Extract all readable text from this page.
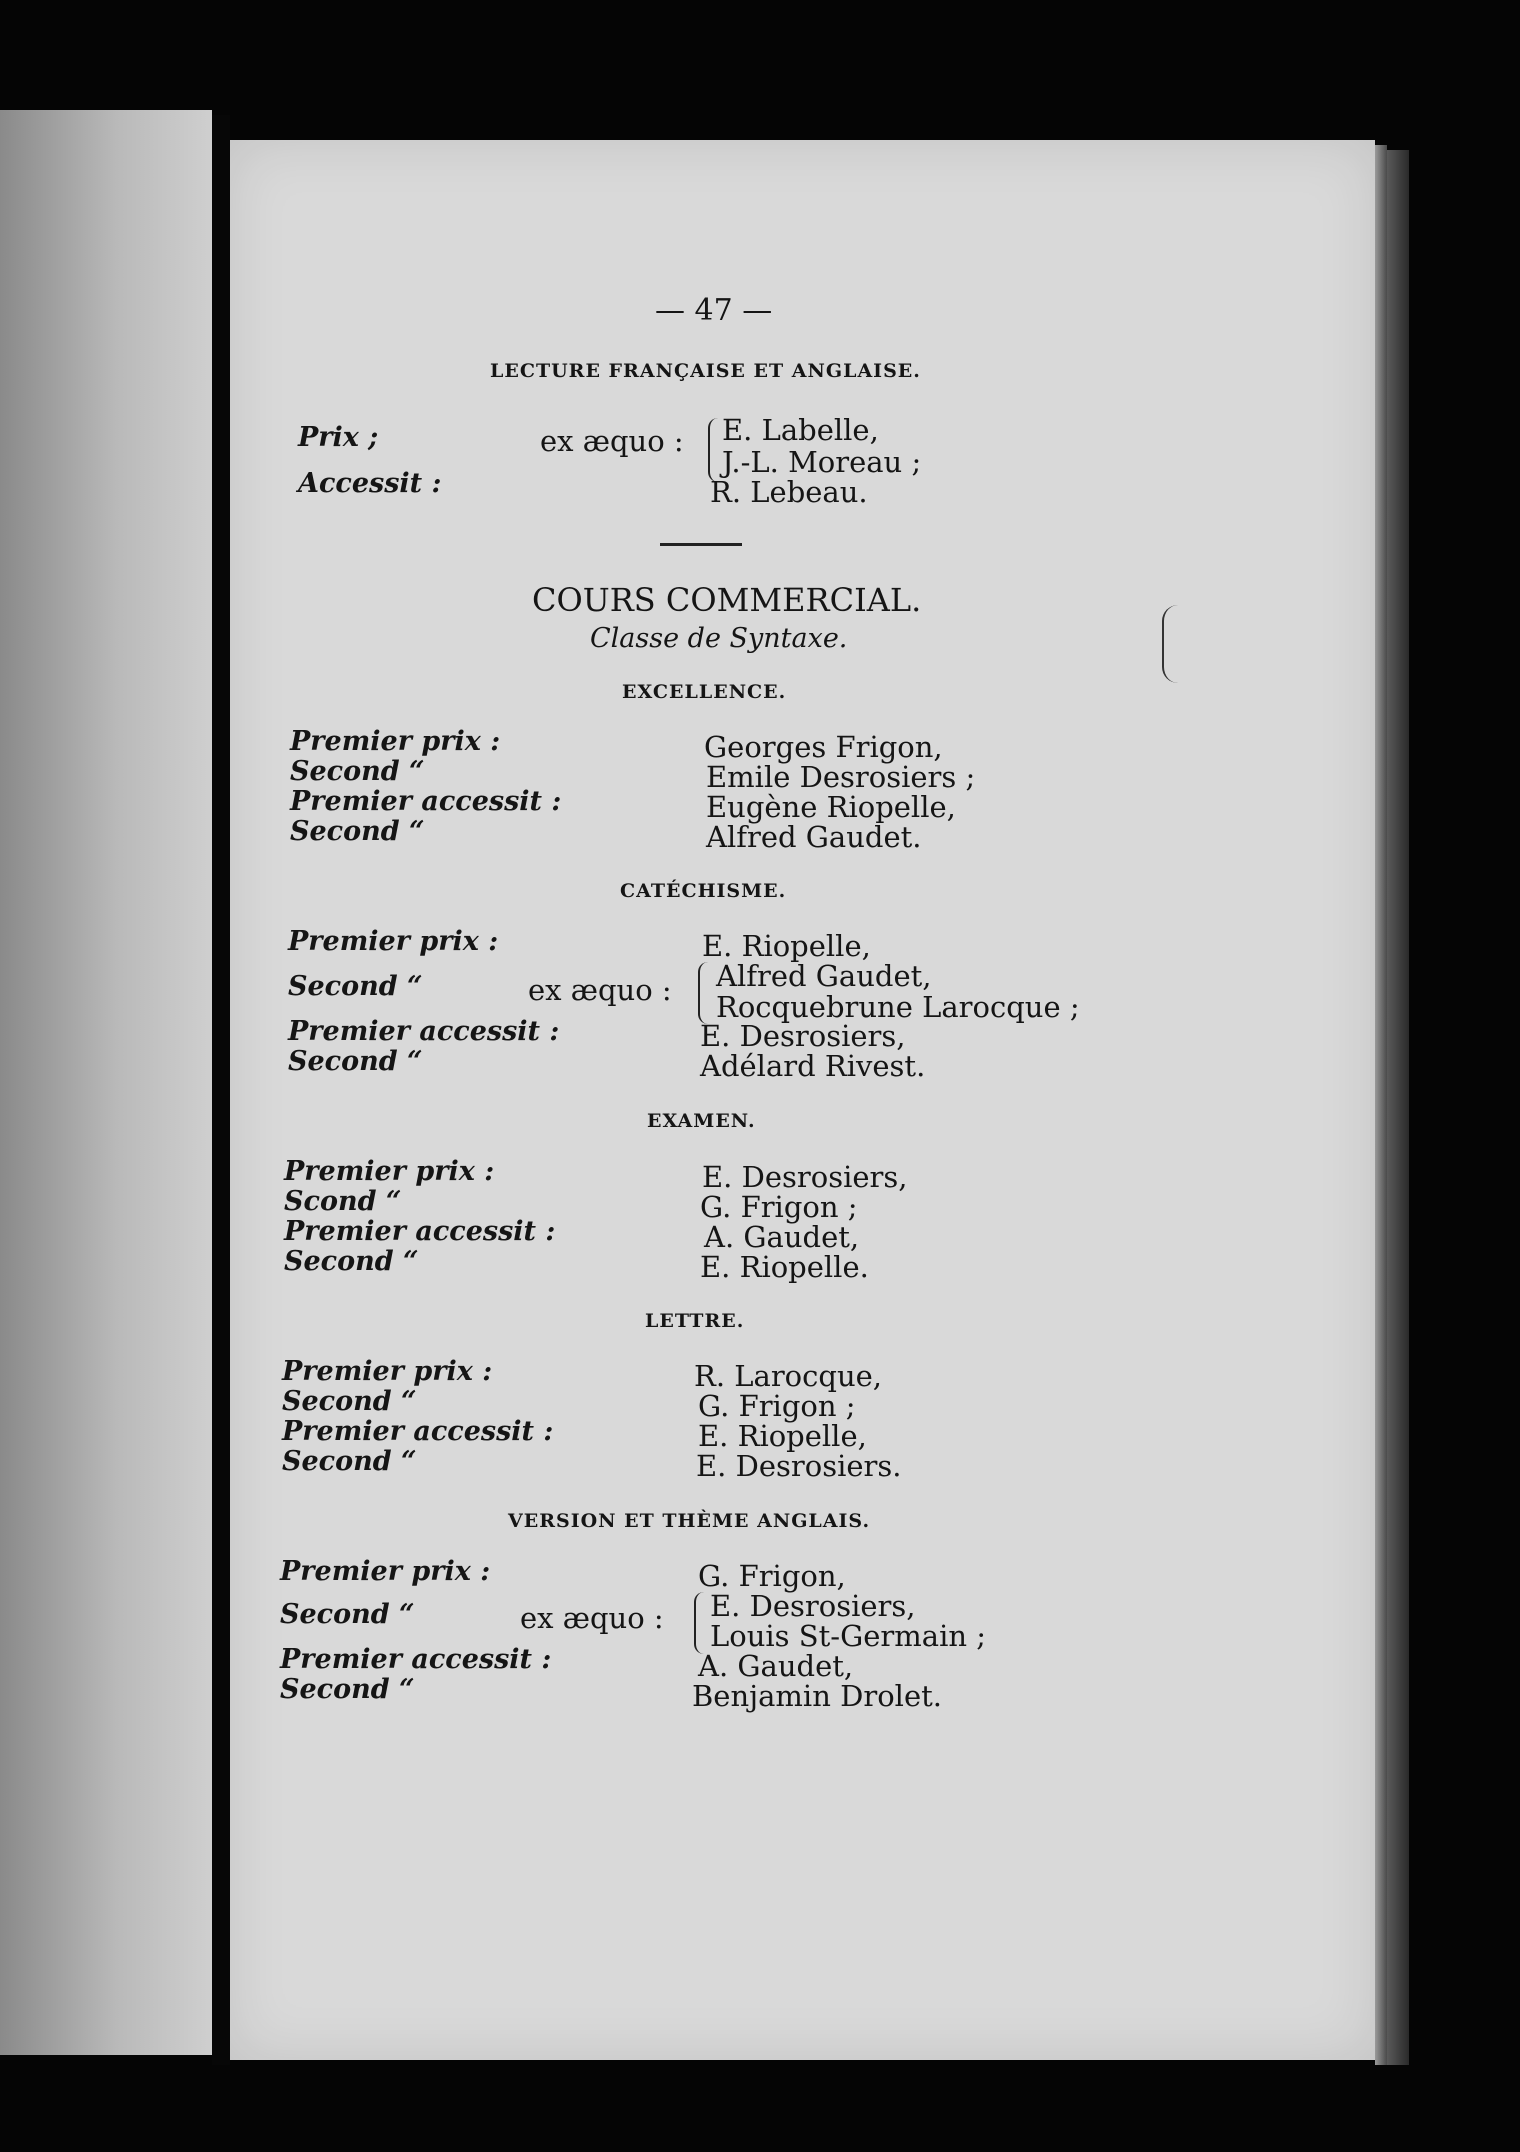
— 47 —
LECTURE FRANÇAISE ET ANGLAISE.
Prix ;	ex æquo : E. Labelle,
J.-L. Moreau ;
Accessit :	R. Lebeau.
COURS COMMERCIAL.
Classe de Syntaxe.
EXCELLENCE.
Premier prix :
Second “
Premier accessit :
Second “
Georges Frigon,
Emile Desrosiers ;
Eugène Riopelle,
Alfred Gaudet.
CATÉCHISME.
Premier prix :
Second “
Premier accessit :
Second “
ex æquo :
E. Riopelle,
Alfred Gaudet,
Rocquebrune Larocque ;
E. Desrosiers,
Adélard Rivest.
EXAMEN.
Premier prix :
Scond “
Premier accessit :
Second “
E. Desrosiers,
G. Frigon ;
A. Gaudet,
E. Riopelle.
LETTRE.
Premier prix :
Second “
Premier accessit :
Second “
R. Larocque,
G. Frigon ;
E. Riopelle,
E. Desrosiers.
VERSION ET THÈME ANGLAIS.
Premier prix :
Second “
Premier accessit :
Second “
ex æquo :
G. Frigon,
E. Desrosiers,
Louis St-Germain ;
A. Gaudet,
Benjamin Drolet.
